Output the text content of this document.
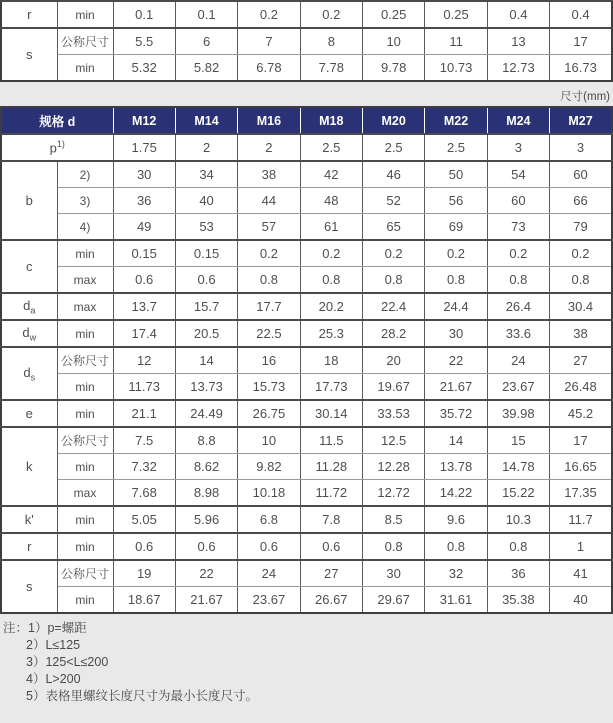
r	min	0.1	0.1	0.2	0.2	0.25	0.25	0.4	0.4
s	公称尺寸	5.5	6	7	8	10	11	13	17
	min	5.32	5.82	6.78	7.78	9.78	10.73	12.73	16.73
尺寸(mm)
规格 d		M12	M14	M16	M18	M20	M22	M24	M27
$p^{1)}$		1.75	2	2	2.5	2.5	2.5	3	3
b	2)	30	34	38	42	46	50	54	60
	3)	36	40	44	48	52	56	60	66
	4)	49	53	57	61	65	69	73	79
c	min	0.15	0.15	0.2	0.2	0.2	0.2	0.2	0.2
	max	0.6	0.6	0.8	0.8	0.8	0.8	0.8	0.8
$d_a$	max	13.7	15.7	17.7	20.2	22.4	24.4	26.4	30.4
$d_w$	min	17.4	20.5	22.5	25.3	28.2	30	33.6	38
$d_s$	公称尺寸	12	14	16	18	20	22	24	27
	min	11.73	13.73	15.73	17.73	19.67	21.67	23.67	26.48
e	min	21.1	24.49	26.75	30.14	33.53	35.72	39.98	45.2
k	公称尺寸	7.5	8.8	10	11.5	12.5	14	15	17
	min	7.32	8.62	9.82	11.28	12.28	13.78	14.78	16.65
	max	7.68	8.98	10.18	11.72	12.72	14.22	15.22	17.35
k'	min	5.05	5.96	6.8	7.8	8.5	9.6	10.3	11.7
r	min	0.6	0.6	0.6	0.6	0.8	0.8	0.8	1
s	公称尺寸	19	22	24	27	30	32	36	41
	min	18.67	21.67	23.67	26.67	29.67	31.61	35.38	40
注：1）p=螺距
2）L≤125
3）125<L≤200
4）L>200
5）表格里螺纹长度尺寸为最小长度尺寸。
